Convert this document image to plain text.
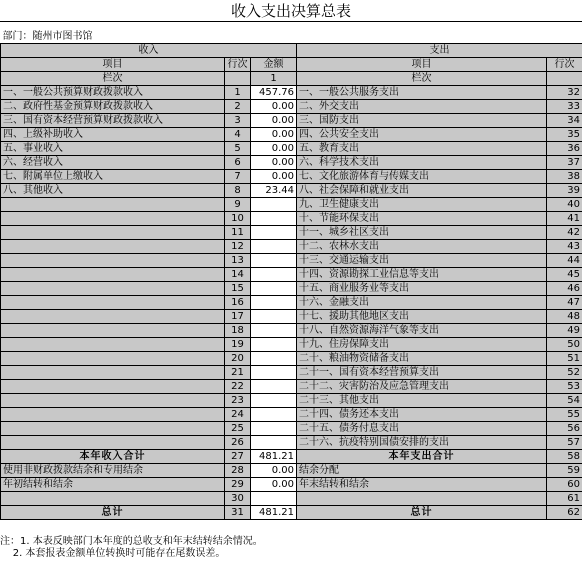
收入支出决算总表
部门：随州市图书馆				
收入			支出	
项目	行次	金额	项目	行次
栏次		1	栏次	
一、一般公共预算财政拨款收入	1	457.76	一、一般公共服务支出	32
二、政府性基金预算财政拨款收入	2	0.00	二、外交支出	33
三、国有资本经营预算财政拨款收入	3	0.00	三、国防支出	34
四、上级补助收入	4	0.00	四、公共安全支出	35
五、事业收入	5	0.00	五、教育支出	36
六、经营收入	6	0.00	六、科学技术支出	37
七、附属单位上缴收入	7	0.00	七、文化旅游体育与传媒支出	38
八、其他收入	8	23.44	八、社会保障和就业支出	39
	9		九、卫生健康支出	40
	10		十、节能环保支出	41
	11		十一、城乡社区支出	42
	12		十二、农林水支出	43
	13		十三、交通运输支出	44
	14		十四、资源勘探工业信息等支出	45
	15		十五、商业服务业等支出	46
	16		十六、金融支出	47
	17		十七、援助其他地区支出	48
	18		十八、自然资源海洋气象等支出	49
	19		十九、住房保障支出	50
	20		二十、粮油物资储备支出	51
	21		二十一、国有资本经营预算支出	52
	22		二十二、灾害防治及应急管理支出	53
	23		二十三、其他支出	54
	24		二十四、债务还本支出	55
	25		二十五、债务付息支出	56
	26		二十六、抗疫特别国债安排的支出	57
本年收入合计	27	481.21	本年支出合计	58
使用非财政拨款结余和专用结余	28	0.00	结余分配	59
年初结转和结余	29	0.00	年末结转和结余	60
	30			61
总计	31	481.21	总计	62
注：1. 本表反映部门本年度的总收支和年末结转结余情况。
2. 本套报表金额单位转换时可能存在尾数误差。
